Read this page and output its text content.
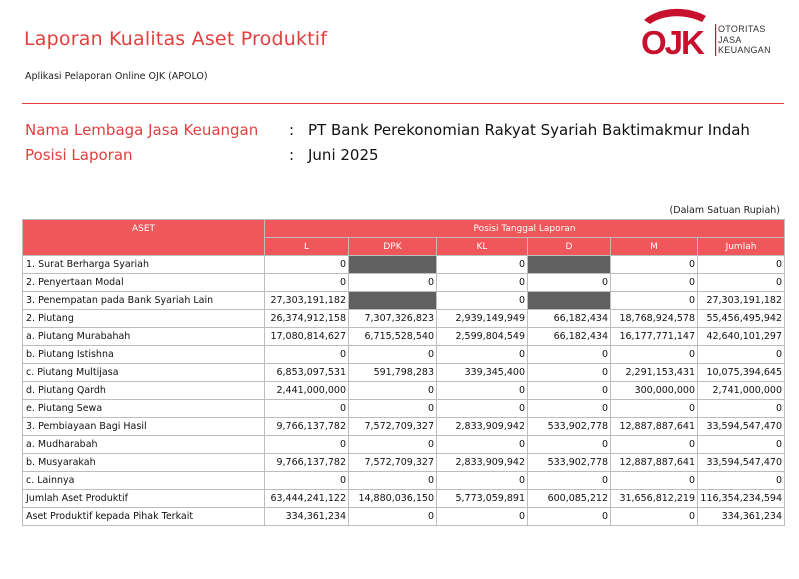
Laporan Kualitas Aset Produktif
Aplikasi Pelaporan Online OJK (APOLO)
OJK OTORITAS
JASA
KEUANGAN
Nama Lembaga Jasa Keuangan : PT Bank Perekonomian Rakyat Syariah Baktimakmur Indah
Posisi Laporan	: Juni 2025
(Dalam Satuan Rupiah)
ASET	Posisi Tanggal Laporan					
	L	DPK	KL	D	M	Jumlah
1. Surat Berharga Syariah	0		0		0	0
2. Penyertaan Modal	0	0	0	0	0	0
3. Penempatan pada Bank Syariah Lain	27,303,191,182		0		0	27,303,191,182
2. Piutang	26,374,912,158	7,307,326,823	2,939,149,949	66,182,434	18,768,924,578	55,456,495,942
a. Piutang Murabahah	17,080,814,627	6,715,528,540	2,599,804,549	66,182,434	16,177,771,147	42,640,101,297
b. Piutang Istishna	0	0	0	0	0	0
c. Piutang Multijasa	6,853,097,531	591,798,283	339,345,400	0	2,291,153,431	10,075,394,645
d. Piutang Qardh	2,441,000,000	0	0	0	300,000,000	2,741,000,000
e. Piutang Sewa	0	0	0	0	0	0
3. Pembiayaan Bagi Hasil	9,766,137,782	7,572,709,327	2,833,909,942	533,902,778	12,887,887,641	33,594,547,470
a. Mudharabah	0	0	0	0	0	0
b. Musyarakah	9,766,137,782	7,572,709,327	2,833,909,942	533,902,778	12,887,887,641	33,594,547,470
c. Lainnya	0	0	0	0	0	0
Jumlah Aset Produktif	63,444,241,122	14,880,036,150	5,773,059,891	600,085,212	31,656,812,219	116,354,234,594
Aset Produktif kepada Pihak Terkait	334,361,234	0	0	0	0	334,361,234
